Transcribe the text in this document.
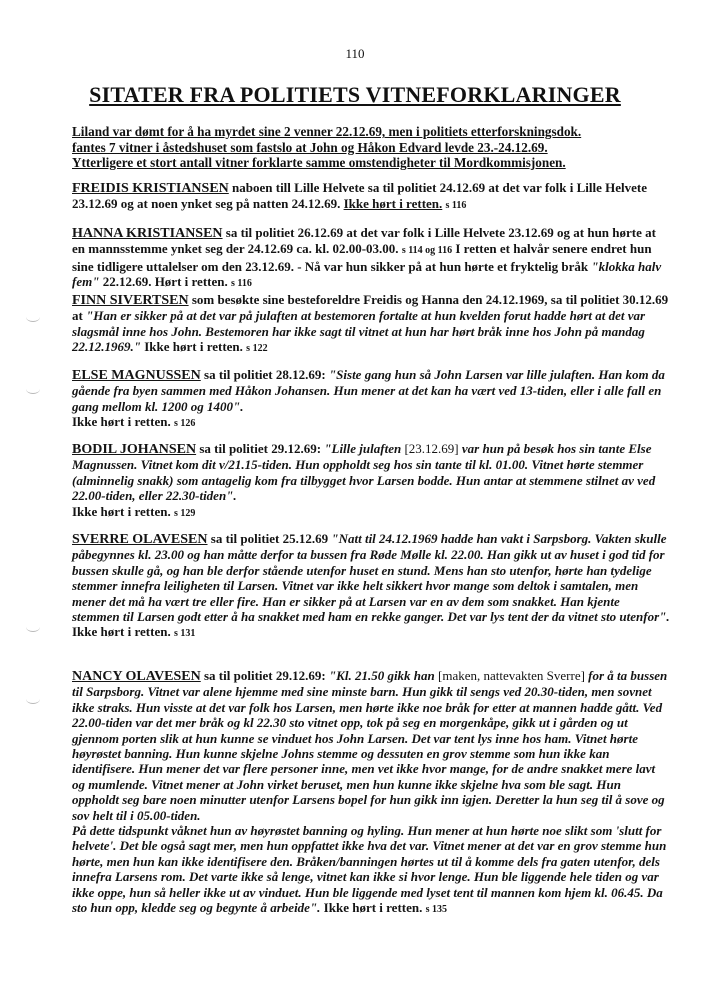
110
SITATER FRA POLITIETS VITNEFORKLARINGER
Liland var dømt for å ha myrdet sine 2 venner 22.12.69, men i politiets etterforskningsdok.
fantes 7 vitner i åstedshuset som fastslo at John og Håkon Edvard levde 23.-24.12.69.
Ytterligere et stort antall vitner forklarte samme omstendigheter til Mordkommisjonen.
FREIDIS KRISTIANSEN naboen till Lille Helvete sa til politiet 24.12.69 at det var folk i Lille Helvete 23.12.69 og at noen ynket seg på natten 24.12.69. Ikke hørt i retten. s 116
HANNA KRISTIANSEN sa til politiet 26.12.69 at det var folk i Lille Helvete 23.12.69 og at hun hørte at en mannsstemme ynket seg der 24.12.69 ca. kl. 02.00-03.00. s 114 og 116 I retten et halvår senere endret hun sine tidligere uttalelser om den 23.12.69. - Nå var hun sikker på at hun hørte et fryktelig bråk "klokka halv fem" 22.12.69. Hørt i retten. s 116
FINN SIVERTSEN som besøkte sine besteforeldre Freidis og Hanna den 24.12.1969, sa til politiet 30.12.69 at "Han er sikker på at det var på julaften at bestemoren fortalte at hun kvelden forut hadde hørt at det var slagsmål inne hos John. Bestemoren har ikke sagt til vitnet at hun har hørt bråk inne hos John på mandag 22.12.1969." Ikke hørt i retten. s 122
ELSE MAGNUSSEN sa til politiet 28.12.69: "Siste gang hun så John Larsen var lille julaften. Han kom da gående fra byen sammen med Håkon Johansen. Hun mener at det kan ha vært ved 13-tiden, eller i alle fall en gang mellom kl. 1200 og 1400".
Ikke hørt i retten. s 126
BODIL JOHANSEN sa til politiet 29.12.69: "Lille julaften [23.12.69] var hun på besøk hos sin tante Else Magnussen. Vitnet kom dit v/21.15-tiden. Hun oppholdt seg hos sin tante til kl. 01.00. Vitnet hørte stemmer (alminnelig snakk) som antagelig kom fra tilbygget hvor Larsen bodde. Hun antar at stemmene stilnet av ved 22.00-tiden, eller 22.30-tiden".
Ikke hørt i retten. s 129
SVERRE OLAVESEN sa til politiet 25.12.69 "Natt til 24.12.1969 hadde han vakt i Sarpsborg. Vakten skulle påbegynnes kl. 23.00 og han måtte derfor ta bussen fra Røde Mølle kl. 22.00. Han gikk ut av huset i god tid for bussen skulle gå, og han ble derfor stående utenfor huset en stund. Mens han sto utenfor, hørte han tydelige stemmer innefra leiligheten til Larsen. Vitnet var ikke helt sikkert hvor mange som deltok i samtalen, men mener det må ha vært tre eller fire. Han er sikker på at Larsen var en av dem som snakket. Han kjente stemmen til Larsen godt etter å ha snakket med ham en rekke ganger. Det var lys tent der da vitnet sto utenfor".
Ikke hørt i retten. s 131
NANCY OLAVESEN sa til politiet 29.12.69: "Kl. 21.50 gikk han [maken, nattevakten Sverre] for å ta bussen til Sarpsborg. Vitnet var alene hjemme med sine minste barn. Hun gikk til sengs ved 20.30-tiden, men sovnet ikke straks. Hun visste at det var folk hos Larsen, men hørte ikke noe bråk for etter at mannen hadde gått. Ved 22.00-tiden var det mer bråk og kl 22.30 sto vitnet opp, tok på seg en morgenkåpe, gikk ut i gården og ut gjennom porten slik at hun kunne se vinduet hos John Larsen. Det var tent lys inne hos ham. Vitnet hørte høyrøstet banning. Hun kunne skjelne Johns stemme og dessuten en grov stemme som hun ikke kan identifisere. Hun mener det var flere personer inne, men vet ikke hvor mange, for de andre snakket mere lavt og mumlende. Vitnet mener at John virket beruset, men hun kunne ikke skjelne hva som ble sagt. Hun oppholdt seg bare noen minutter utenfor Larsens bopel for hun gikk inn igjen. Deretter la hun seg til å sove og sov helt til i 05.00-tiden.
På dette tidspunkt våknet hun av høyrøstet banning og hyling. Hun mener at hun hørte noe slikt som 'slutt for helvete'. Det ble også sagt mer, men hun oppfattet ikke hva det var. Vitnet mener at det var en grov stemme hun hørte, men hun kan ikke identifisere den. Bråken/banningen hørtes ut til å komme dels fra gaten utenfor, dels innefra Larsens rom. Det varte ikke så lenge, vitnet kan ikke si hvor lenge. Hun ble liggende hele tiden og var ikke oppe, hun så heller ikke ut av vinduet. Hun ble liggende med lyset tent til mannen kom hjem kl. 06.45. Da sto hun opp, kledde seg og begynte å arbeide". Ikke hørt i retten. s 135
